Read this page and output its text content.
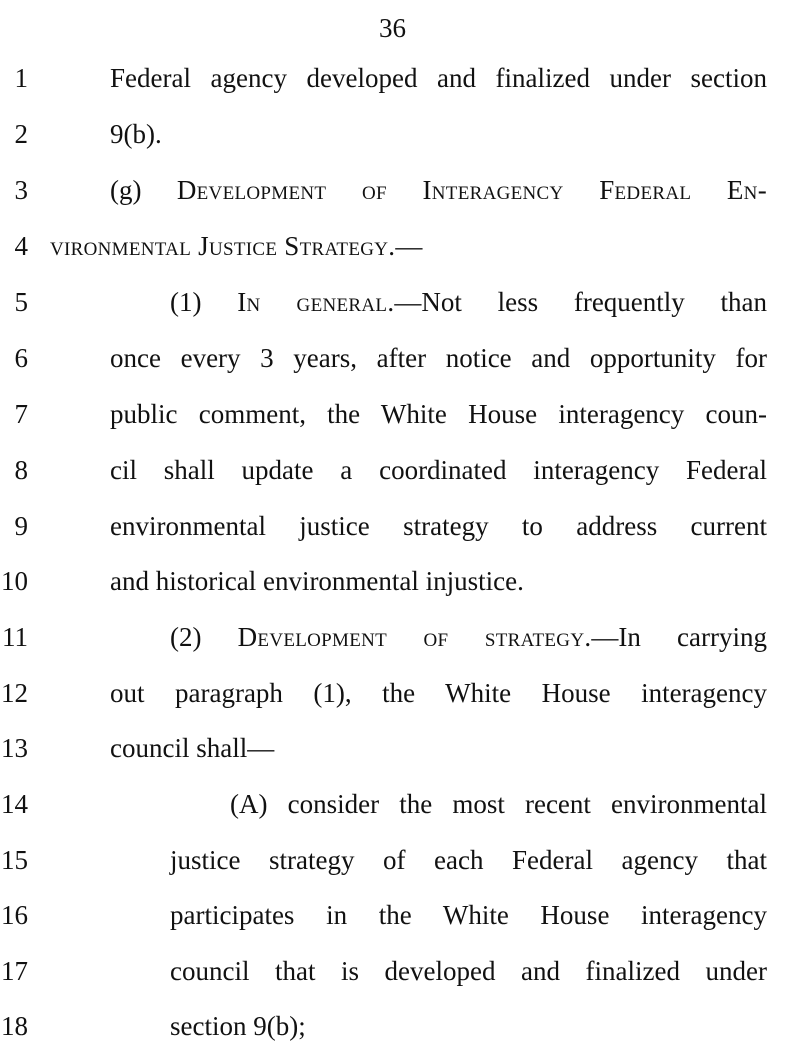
36
1	Federal agency developed and finalized under section
2	9(b).
3	(g) Development of Interagency Federal En-
4 vironmental Justice Strategy.—
5	(1) In general.—Not less frequently than
6	once every 3 years, after notice and opportunity for
7	public comment, the White House interagency coun-
8	cil shall update a coordinated interagency Federal
9	environmental justice strategy to address current
10	and historical environmental injustice.
11	(2) Development of strategy.—In carrying
12	out paragraph (1), the White House interagency
13	council shall—
14	(A) consider the most recent environmental
15	justice strategy of each Federal agency that
16	participates in the White House interagency
17	council that is developed and finalized under
18	section 9(b);
